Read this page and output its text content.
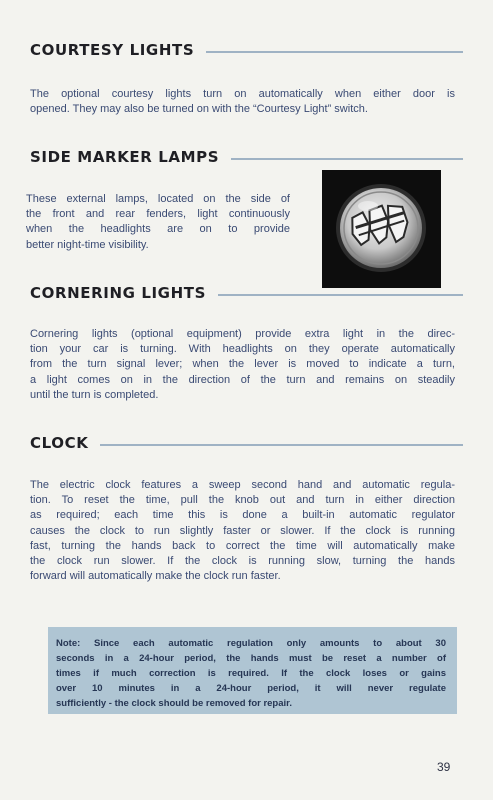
COURTESY LIGHTS
The optional courtesy lights turn on automatically when either door is
opened. They may also be turned on with the “Courtesy Light” switch.
SIDE MARKER LAMPS
These external lamps, located on the side of
the front and rear fenders, light continuously
when the headlights are on to provide
better night-time visibility.
CORNERING LIGHTS
Cornering lights (optional equipment) provide extra light in the direc-
tion your car is turning. With headlights on they operate automatically
from the turn signal lever; when the lever is moved to indicate a turn,
a light comes on in the direction of the turn and remains on steadily
until the turn is completed.
CLOCK
The electric clock features a sweep second hand and automatic regula-
tion. To reset the time, pull the knob out and turn in either direction
as required; each time this is done a built-in automatic regulator
causes the clock to run slightly faster or slower. If the clock is running
fast, turning the hands back to correct the time will automatically make
the clock run slower. If the clock is running slow, turning the hands
forward will automatically make the clock run faster.
Note: Since each automatic regulation only amounts to about 30
seconds in a 24-hour period, the hands must be reset a number of
times if much correction is required. If the clock loses or gains
over 10 minutes in a 24-hour period, it will never regulate
sufficiently - the clock should be removed for repair.
39
